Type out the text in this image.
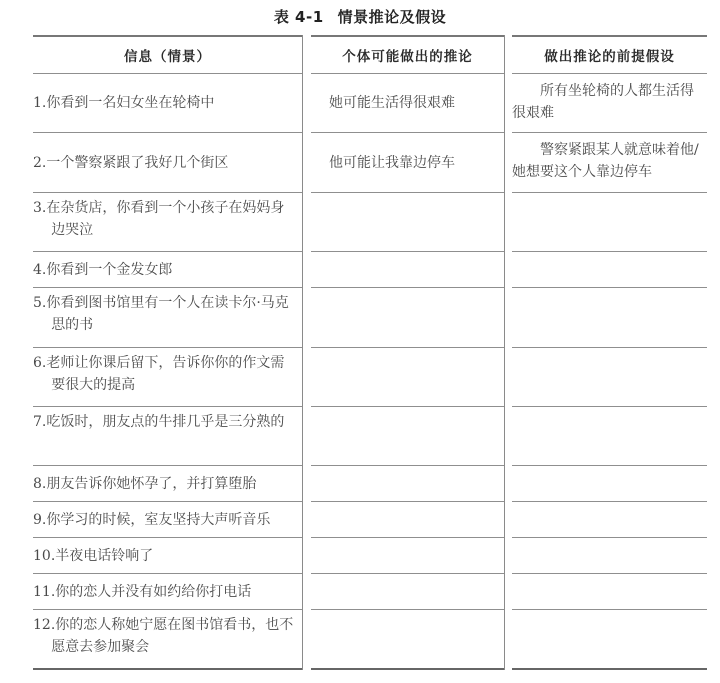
表 4-1 情景推论及假设
信息（情景）
1.你看到一名妇女坐在轮椅中
2.一个警察紧跟了我好几个街区
3.在杂货店，你看到一个小孩子在妈妈身边哭泣
4.你看到一个金发女郎
5.你看到图书馆里有一个人在读卡尔·马克思的书
6.老师让你课后留下，告诉你你的作文需要很大的提高
7.吃饭时，朋友点的牛排几乎是三分熟的
8.朋友告诉你她怀孕了，并打算堕胎
9.你学习的时候，室友坚持大声听音乐
10.半夜电话铃响了
11.你的恋人并没有如约给你打电话
12.你的恋人称她宁愿在图书馆看书，也不愿意去参加聚会
个体可能做出的推论
她可能生活得很艰难
他可能让我靠边停车
做出推论的前提假设
所有坐轮椅的人都生活得很艰难
警察紧跟某人就意味着他/她想要这个人靠边停车
